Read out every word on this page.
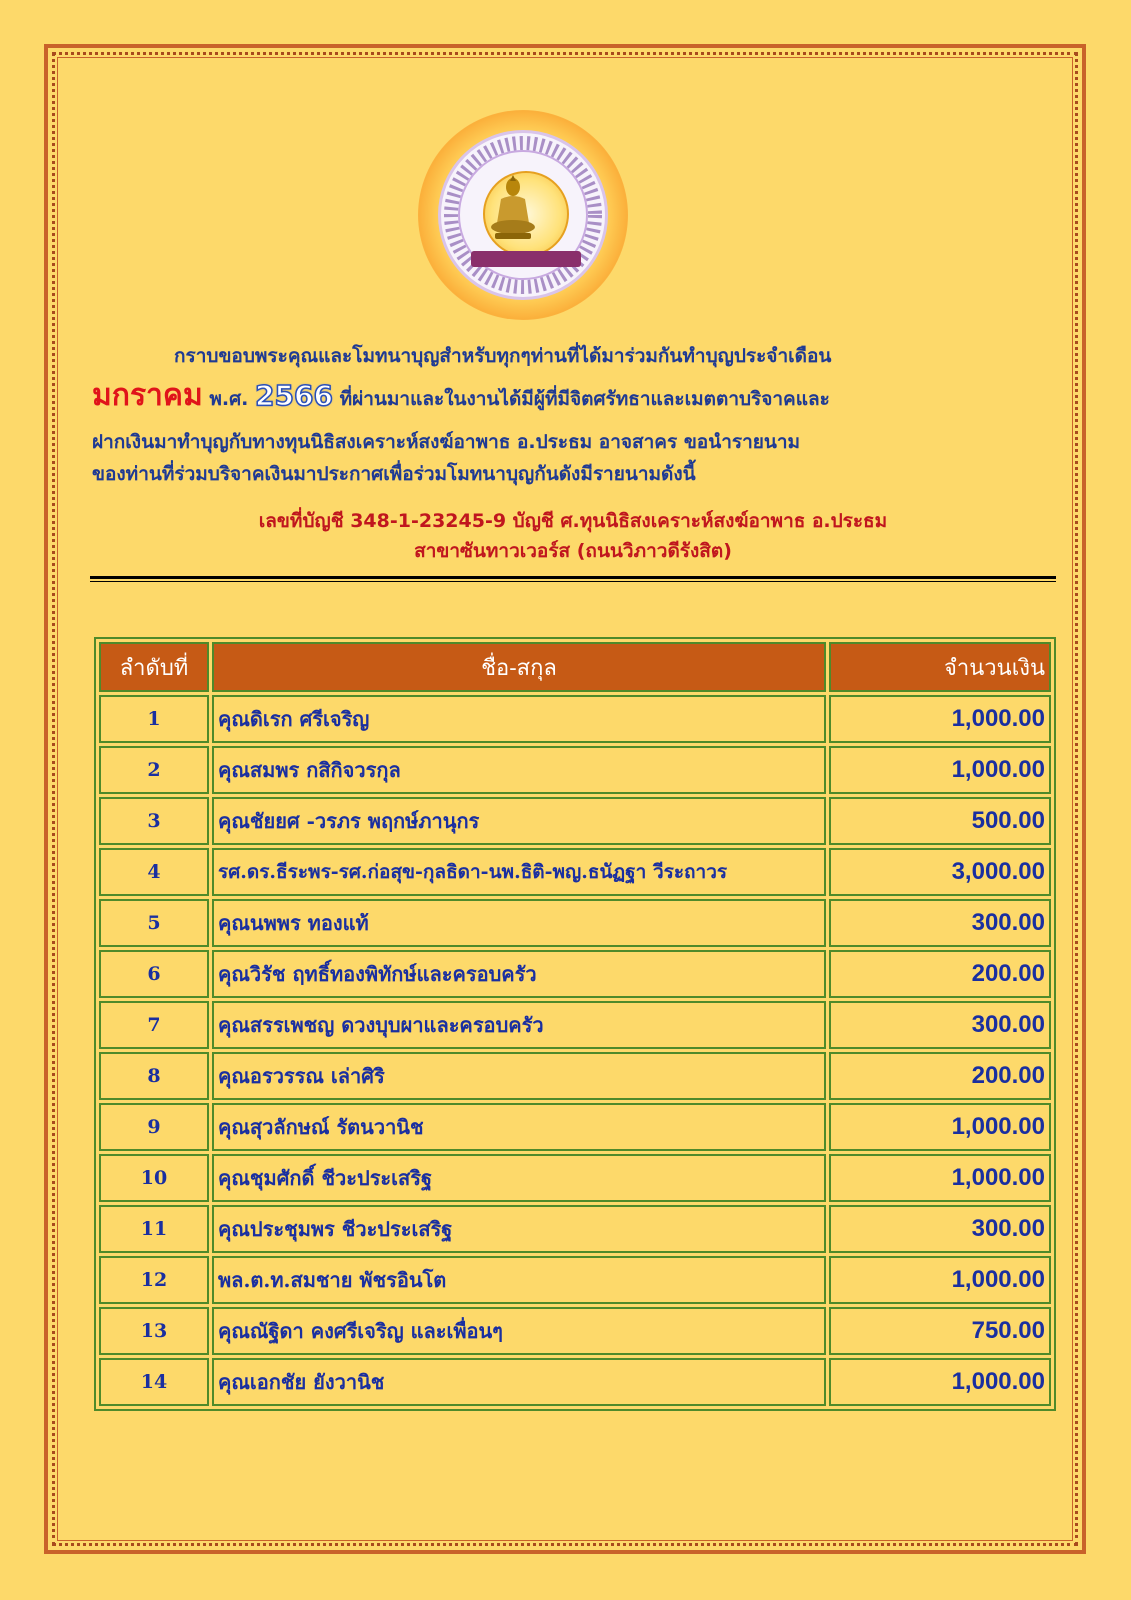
กราบขอบพระคุณและโมทนาบุญสำหรับทุกๆท่านที่ได้มาร่วมกันทำบุญประจำเดือน
มกราคม พ.ศ. 2566 ที่ผ่านมาและในงานได้มีผู้ที่มีจิตศรัทธาและเมตตาบริจาคและ
ฝากเงินมาทำบุญกับทางทุนนิธิสงเคราะห์สงฆ์อาพาธ อ.ประธม อาจสาคร ขอนำรายนาม
ของท่านที่ร่วมบริจาคเงินมาประกาศเพื่อร่วมโมทนาบุญกันดังมีรายนามดังนี้
เลขที่บัญชี 348-1-23245-9 บัญชี ศ.ทุนนิธิสงเคราะห์สงฆ์อาพาธ อ.ประธม
สาขาซันทาวเวอร์ส (ถนนวิภาวดีรังสิต)
ลำดับที่	ชื่อ-สกุล	จำนวนเงิน
1	คุณดิเรก ศรีเจริญ	1,000.00
2	คุณสมพร กสิกิจวรกุล	1,000.00
3	คุณชัยยศ -วรภร พฤกษ์ภานุกร	500.00
4	รศ.ดร.ธีระพร-รศ.ก่อสุข-กุลธิดา-นพ.ธิติ-พญ.ธนัฏฐา วีระถาวร	3,000.00
5	คุณนพพร ทองแท้	300.00
6	คุณวิรัช ฤทธิ์ทองพิทักษ์และครอบครัว	200.00
7	คุณสรรเพชญ ดวงบุบผาและครอบครัว	300.00
8	คุณอรวรรณ เล่าศิริ	200.00
9	คุณสุวลักษณ์ รัตนวานิช	1,000.00
10	คุณชุมศักดิ์ ชีวะประเสริฐ	1,000.00
11	คุณประชุมพร ชีวะประเสริฐ	300.00
12	พล.ต.ท.สมชาย พัชรอินโต	1,000.00
13	คุณณัฐิดา คงศรีเจริญ และเพื่อนๆ	750.00
14	คุณเอกชัย ยังวานิช	1,000.00
